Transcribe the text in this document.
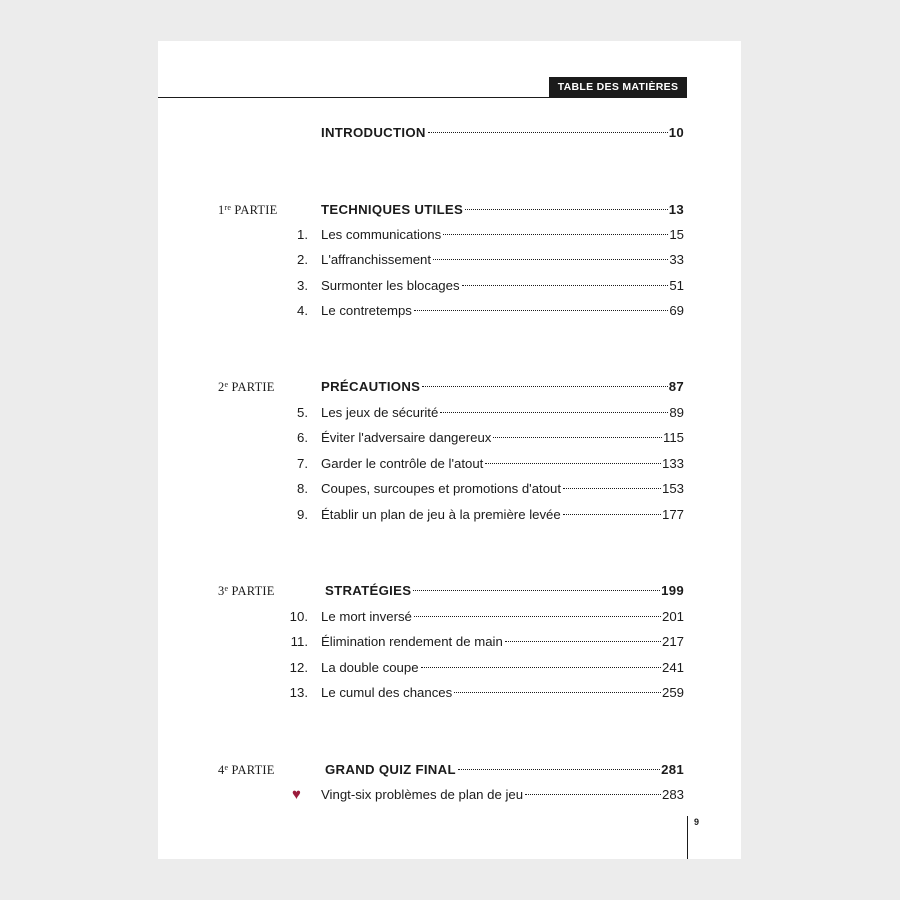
TABLE DES MATIÈRES
INTRODUCTION	10
1re PARTIE	TECHNIQUES UTILES	13
1. Les communications	15
2. L'affranchissement	33
3. Surmonter les blocages	51
4. Le contretemps	69
2e PARTIE	PRÉCAUTIONS	87
5. Les jeux de sécurité	89
6. Éviter l'adversaire dangereux	115
7. Garder le contrôle de l'atout	133
8. Coupes, surcoupes et promotions d'atout	153
9. Établir un plan de jeu à la première levée	177
3e PARTIE	STRATÉGIES	199
10. Le mort inversé	201
11. Élimination rendement de main	217
12. La double coupe	241
13. Le cumul des chances	259
4e PARTIE	GRAND QUIZ FINAL	281
♥ Vingt-six problèmes de plan de jeu	283
9
